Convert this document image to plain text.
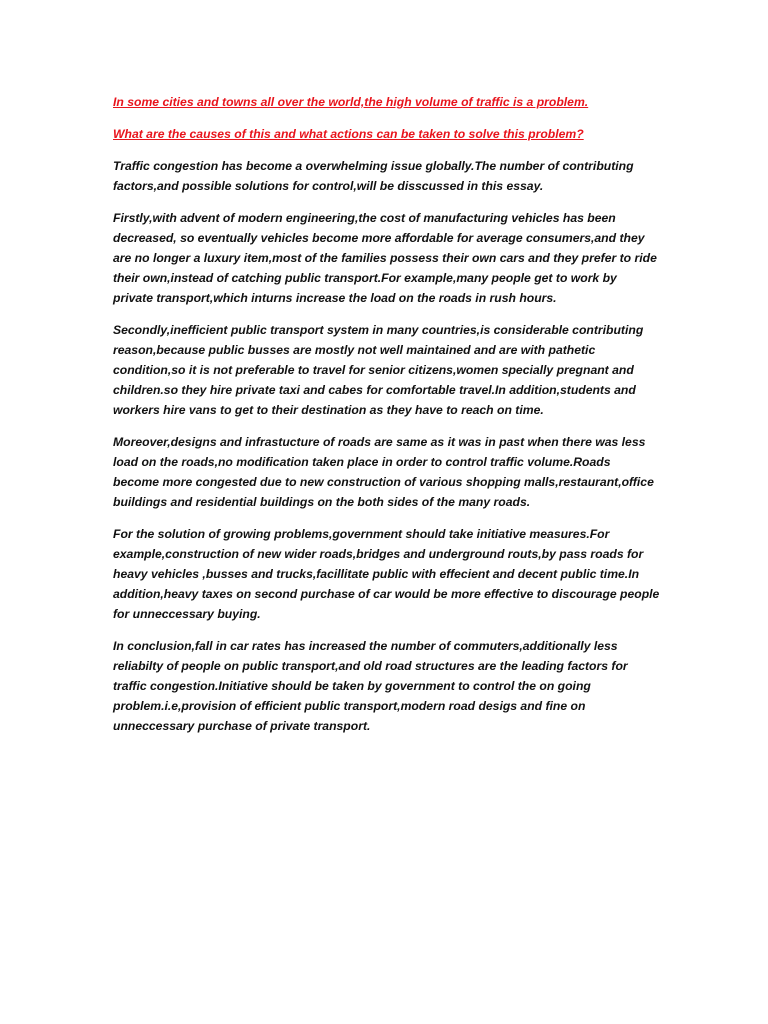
In some cities and towns all over the world,the high volume of traffic is a problem.
What are the causes of this and what actions can be taken to solve this problem?
Traffic congestion has become a overwhelming issue globally.The number of contributing
factors,and possible solutions for control,will be disscussed in this essay.
Firstly,with advent of modern engineering,the cost of manufacturing vehicles has been
decreased, so eventually vehicles become more affordable for average consumers,and they
are no longer a luxury item,most of the families possess their own cars and they prefer to ride
their own,instead of catching public transport.For example,many people get to work by
private transport,which inturns increase the load on the roads in rush hours.
Secondly,inefficient public transport system in many countries,is considerable contributing
reason,because public busses are mostly not well maintained and are with pathetic
condition,so it is not preferable to travel for senior citizens,women specially pregnant and
children.so they hire private taxi and cabes for comfortable travel.In addition,students and
workers hire vans to get to their destination as they have to reach on time.
Moreover,designs and infrastucture of roads are same as it was in past when there was less
load on the roads,no modification taken place in order to control traffic volume.Roads
become more congested due to new construction of various shopping malls,restaurant,office
buildings and residential buildings on the both sides of the many roads.
For the solution of growing problems,government should take initiative measures.For
example,construction of new wider roads,bridges and underground routs,by pass roads for
heavy vehicles ,busses and trucks,facillitate public with effecient and decent public time.In
addition,heavy taxes on second purchase of car would be more effective to discourage people
for unneccessary buying.
In conclusion,fall in car rates has increased the number of commuters,additionally less
reliabilty of people on public transport,and old road structures are the leading factors for
traffic congestion.Initiative should be taken by government to control the on going
problem.i.e,provision of efficient public transport,modern road desigs and fine on
unneccessary purchase of private transport.
